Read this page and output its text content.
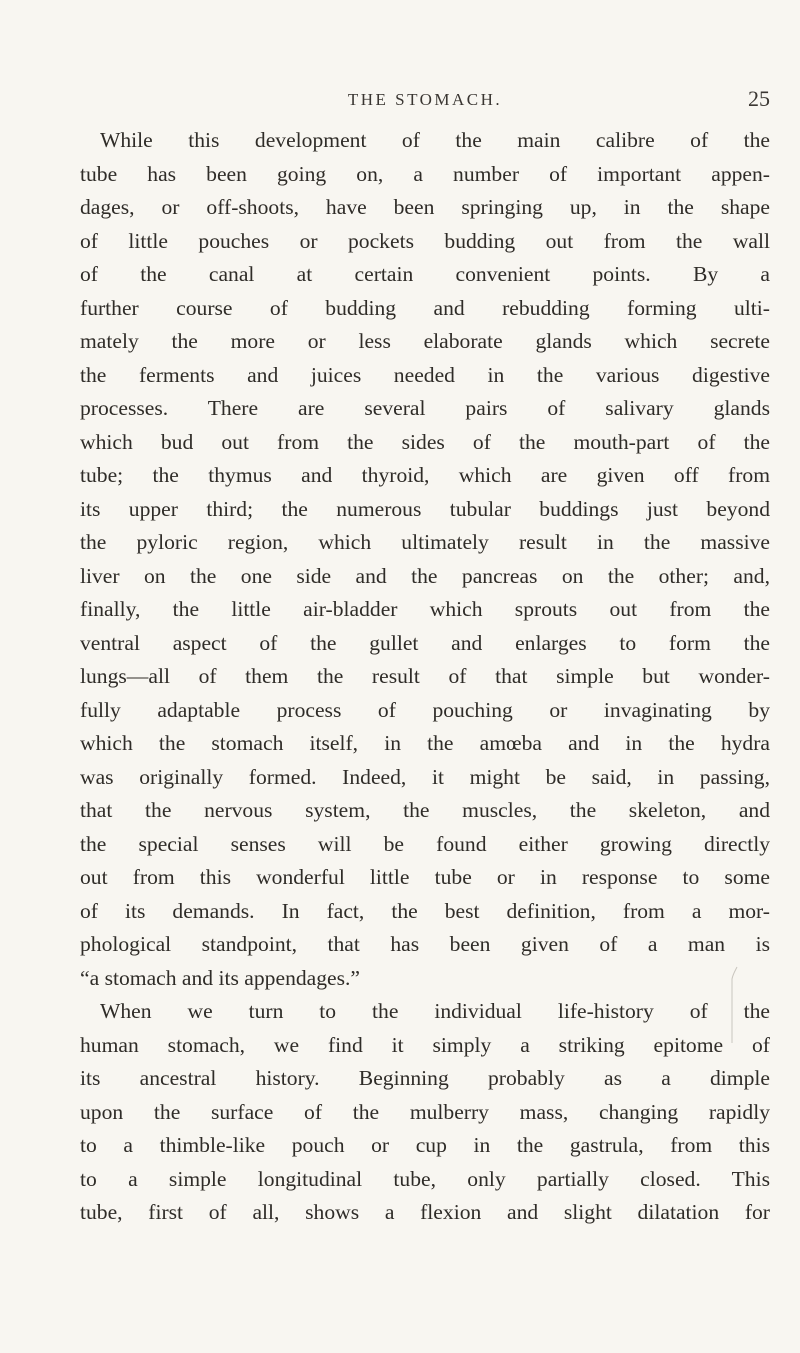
THE STOMACH.	25
While this development of the main calibre of the
tube has been going on, a number of important appen-
dages, or off-shoots, have been springing up, in the shape
of little pouches or pockets budding out from the wall
of the canal at certain convenient points. By a
further course of budding and rebudding forming ulti-
mately the more or less elaborate glands which secrete
the ferments and juices needed in the various digestive
processes. There are several pairs of salivary glands
which bud out from the sides of the mouth-part of the
tube; the thymus and thyroid, which are given off from
its upper third; the numerous tubular buddings just beyond
the pyloric region, which ultimately result in the massive
liver on the one side and the pancreas on the other; and,
finally, the little air-bladder which sprouts out from the
ventral aspect of the gullet and enlarges to form the
lungs—all of them the result of that simple but wonder-
fully adaptable process of pouching or invaginating by
which the stomach itself, in the amœba and in the hydra
was originally formed. Indeed, it might be said, in passing,
that the nervous system, the muscles, the skeleton, and
the special senses will be found either growing directly
out from this wonderful little tube or in response to some
of its demands. In fact, the best definition, from a mor-
phological standpoint, that has been given of a man is
“a stomach and its appendages.”
When we turn to the individual life-history of the
human stomach, we find it simply a striking epitome of
its ancestral history. Beginning probably as a dimple
upon the surface of the mulberry mass, changing rapidly
to a thimble-like pouch or cup in the gastrula, from this
to a simple longitudinal tube, only partially closed. This
tube, first of all, shows a flexion and slight dilatation for
